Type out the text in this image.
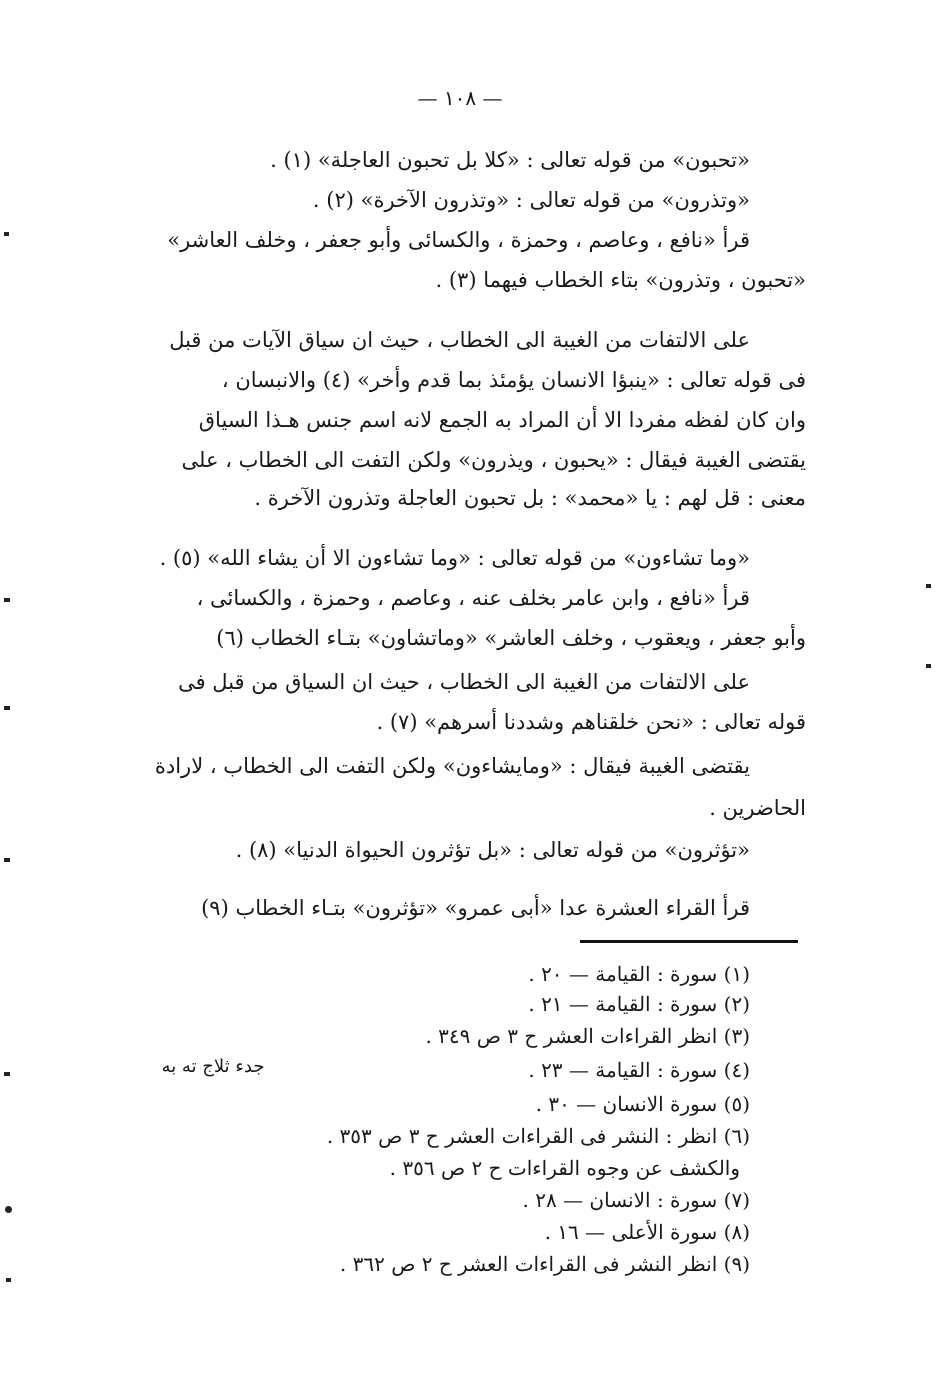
— ١٠٨ —
«تحبون» من قوله تعالى : «كلا بل تحبون العاجلة» (١) .
«وتذرون» من قوله تعالى : «وتذرون الآخرة» (٢) .
قرأ «نافع ، وعاصم ، وحمزة ، والكسائى وأبو جعفر ، وخلف العاشر»
«تحبون ، وتذرون» بتاء الخطاب فيهما (٣) .
على الالتفات من الغيبة الى الخطاب ، حيث ان سياق الآيات من قبل
فى قوله تعالى : «ينبؤا الانسان يؤمئذ بما قدم وأخر» (٤) والانبسان ،
وان كان لفظه مفردا الا أن المراد به الجمع لانه اسم جنس هـذا السياق
يقتضى الغيبة فيقال : «يحبون ، ويذرون» ولكن التفت الى الخطاب ، على
معنى : قل لهم : يا «محمد» : بل تحبون العاجلة وتذرون الآخرة .
«وما تشاءون» من قوله تعالى : «وما تشاءون الا أن يشاء الله» (٥) .
قرأ «نافع ، وابن عامر بخلف عنه ، وعاصم ، وحمزة ، والكسائى ،
وأبو جعفر ، ويعقوب ، وخلف العاشر» «وماتشاون» بتـاء الخطاب (٦)
على الالتفات من الغيبة الى الخطاب ، حيث ان السياق من قبل فى
قوله تعالى : «نحن خلقناهم وشددنا أسرهم» (٧) .
يقتضى الغيبة فيقال : «ومايشاءون» ولكن التفت الى الخطاب ، لارادة
الحاضرين .
«تؤثرون» من قوله تعالى : «بل تؤثرون الحيواة الدنيا» (٨) .
قرأ القراء العشرة عدا «أبى عمرو» «تؤثرون» بتـاء الخطاب (٩)
(١) سورة : القيامة — ٢٠ .
(٢) سورة : القيامة — ٢١ .
(٣) انظر القراءات العشر ح ٣ ص ٣٤٩ .
(٤) سورة : القيامة — ٢٣ .
(٥) سورة الانسان — ٣٠ .
(٦) انظر : النشر فى القراءات العشر ح ٣ ص ٣٥٣ .
والكشف عن وجوه القراءات ح ٢ ص ٣٥٦ .
(٧) سورة : الانسان — ٢٨ .
(٨) سورة الأعلى — ١٦ .
(٩) انظر النشر فى القراءات العشر ح ٢ ص ٣٦٢ .
جدء ثلاج ته به
